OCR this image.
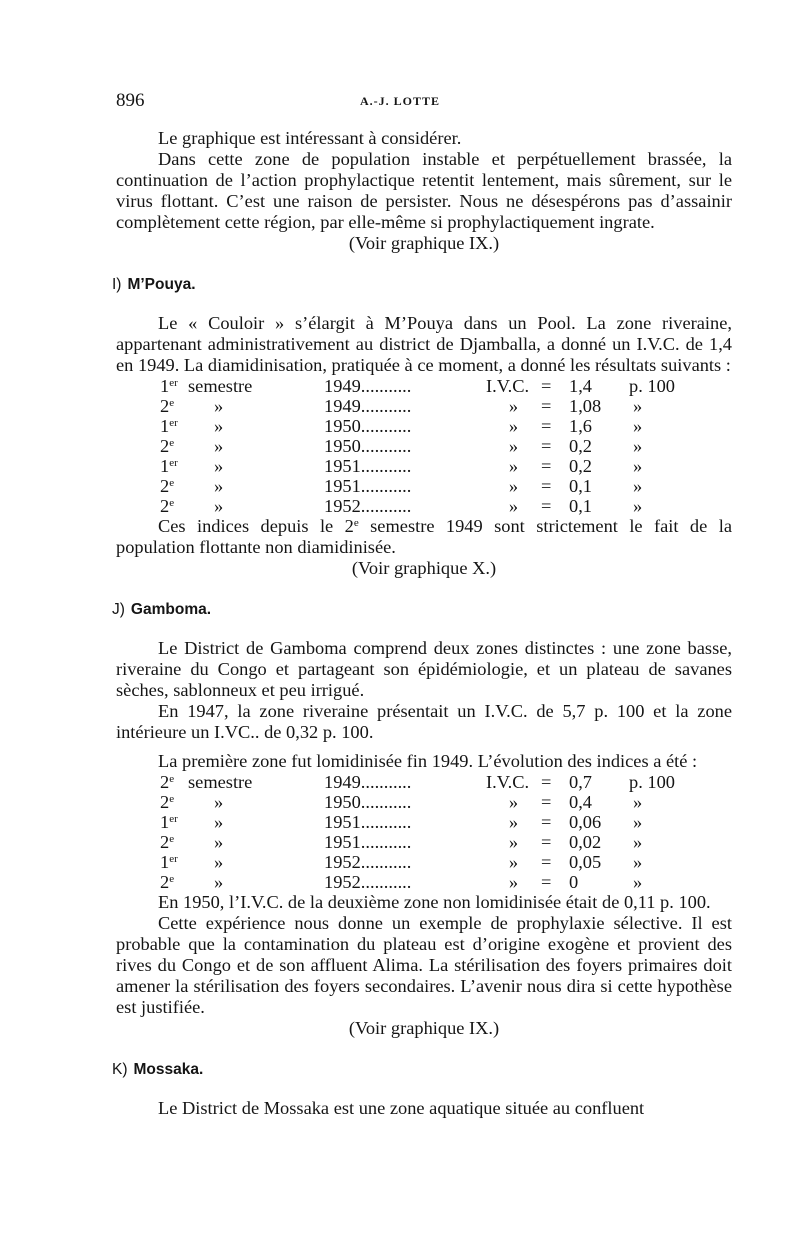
896	A.-J. LOTTE

Le graphique est intéressant à considérer.

Dans cette zone de population instable et perpétuellement brassée, la continuation de l’action prophylactique retentit lentement, mais sûrement, sur le virus flottant. C’est une raison de persister. Nous ne désespérons pas d’assainir complètement cette région, par elle-même si prophylactiquement ingrate.

(Voir graphique IX.)

I) M’Pouya.

Le « Couloir » s’élargit à M’Pouya dans un Pool. La zone riveraine, appartenant administrativement au district de Djamballa, a donné un I.V.C. de 1,4 en 1949. La diamidinisation, pratiquée à ce moment, a donné les résultats suivants :

1er	semestre	1949...........	I.V.C.	=	1,4	p. 100
2e	»	1949...........	»	=	1,08	»
1er	»	1950...........	»	=	1,6	»
2e	»	1950...........	»	=	0,2	»
1er	»	1951...........	»	=	0,2	»
2e	»	1951...........	»	=	0,1	»
2e	»	1952...........	»	=	0,1	»

Ces indices depuis le 2e semestre 1949 sont strictement le fait de la population flottante non diamidinisée.

(Voir graphique X.)

J) Gamboma.

Le District de Gamboma comprend deux zones distinctes : une zone basse, riveraine du Congo et partageant son épidémiologie, et un plateau de savanes sèches, sablonneux et peu irrigué.

En 1947, la zone riveraine présentait un I.V.C. de 5,7 p. 100 et la zone intérieure un I.VC.. de 0,32 p. 100.

La première zone fut lomidinisée fin 1949. L’évolution des indices a été :

2e	semestre	1949...........	I.V.C.	=	0,7	p. 100
2e	»	1950...........	»	=	0,4	»
1er	»	1951...........	»	=	0,06	»
2e	»	1951...........	»	=	0,02	»
1er	»	1952...........	»	=	0,05	»
2e	»	1952...........	»	=	0	»

En 1950, l’I.V.C. de la deuxième zone non lomidinisée était de 0,11 p. 100.

Cette expérience nous donne un exemple de prophylaxie sélective. Il est probable que la contamination du plateau est d’origine exogène et provient des rives du Congo et de son affluent Alima. La stérilisation des foyers primaires doit amener la stérilisation des foyers secondaires. L’avenir nous dira si cette hypothèse est justifiée.

(Voir graphique IX.)

K) Mossaka.

Le District de Mossaka est une zone aquatique située au confluent
